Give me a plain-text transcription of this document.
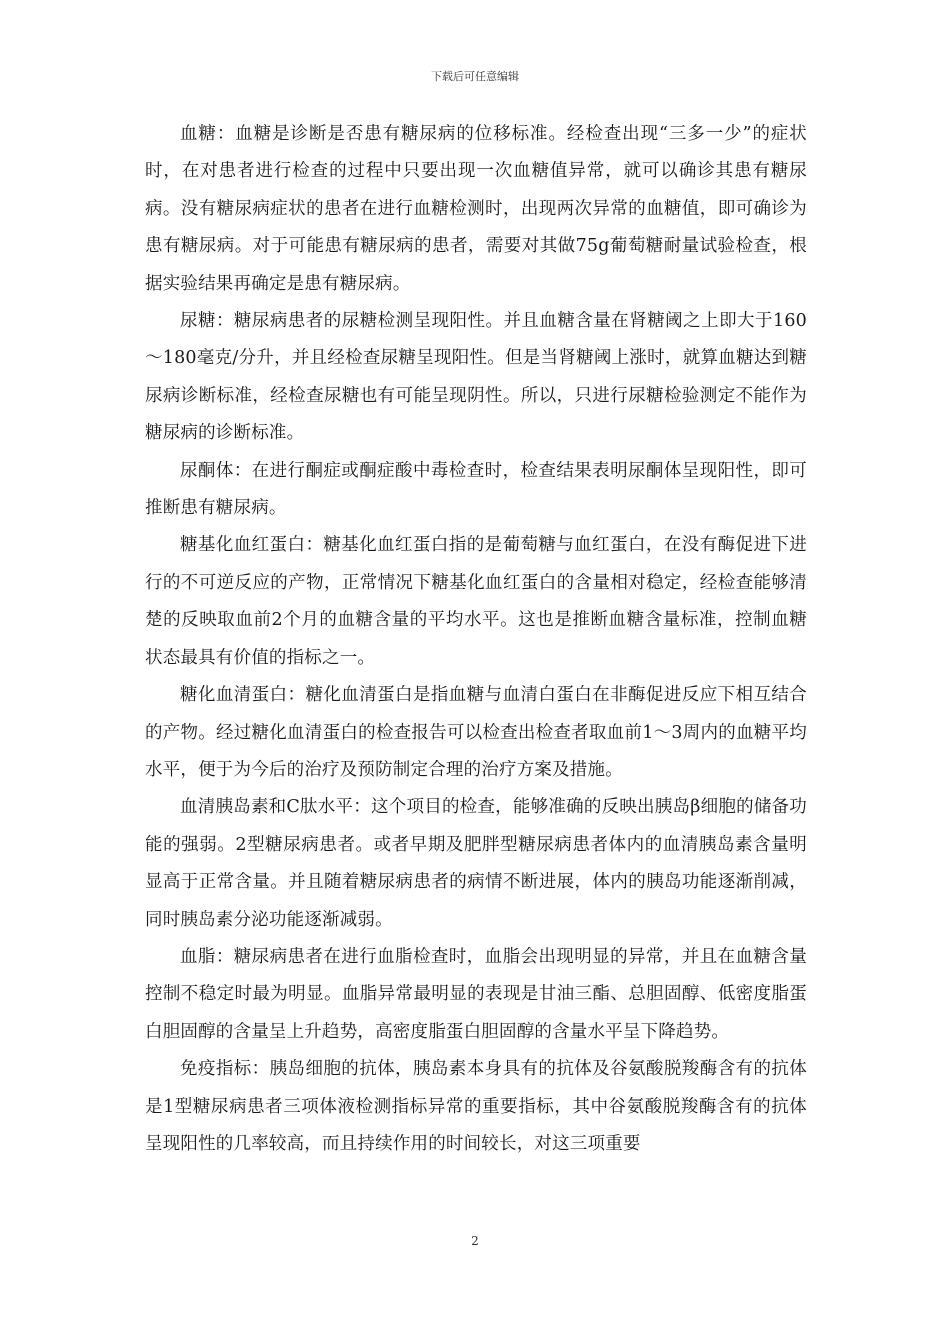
下载后可任意编辑

血糖：血糖是诊断是否患有糖尿病的位移标准。经检查出现“三多一少”的症状时，在对患者进行检查的过程中只要出现一次血糖值异常，就可以确诊其患有糖尿病。没有糖尿病症状的患者在进行血糖检测时，出现两次异常的血糖值，即可确诊为患有糖尿病。对于可能患有糖尿病的患者，需要对其做75g葡萄糖耐量试验检查，根据实验结果再确定是患有糖尿病。

尿糖：糖尿病患者的尿糖检测呈现阳性。并且血糖含量在肾糖阈之上即大于160～180毫克/分升，并且经检查尿糖呈现阳性。但是当肾糖阈上涨时，就算血糖达到糖尿病诊断标准，经检查尿糖也有可能呈现阴性。所以，只进行尿糖检验测定不能作为糖尿病的诊断标准。

尿酮体：在进行酮症或酮症酸中毒检查时，检查结果表明尿酮体呈现阳性，即可推断患有糖尿病。

糖基化血红蛋白：糖基化血红蛋白指的是葡萄糖与血红蛋白，在没有酶促进下进行的不可逆反应的产物，正常情况下糖基化血红蛋白的含量相对稳定，经检查能够清楚的反映取血前2个月的血糖含量的平均水平。这也是推断血糖含量标准，控制血糖状态最具有价值的指标之一。

糖化血清蛋白：糖化血清蛋白是指血糖与血清白蛋白在非酶促进反应下相互结合的产物。经过糖化血清蛋白的检查报告可以检查出检查者取血前1～3周内的血糖平均水平，便于为今后的治疗及预防制定合理的治疗方案及措施。

血清胰岛素和C肽水平：这个项目的检查，能够准确的反映出胰岛β细胞的储备功能的强弱。2型糖尿病患者。或者早期及肥胖型糖尿病患者体内的血清胰岛素含量明显高于正常含量。并且随着糖尿病患者的病情不断进展，体内的胰岛功能逐渐削减，同时胰岛素分泌功能逐渐减弱。

血脂：糖尿病患者在进行血脂检查时，血脂会出现明显的异常，并且在血糖含量控制不稳定时最为明显。血脂异常最明显的表现是甘油三酯、总胆固醇、低密度脂蛋白胆固醇的含量呈上升趋势，高密度脂蛋白胆固醇的含量水平呈下降趋势。

免疫指标：胰岛细胞的抗体，胰岛素本身具有的抗体及谷氨酸脱羧酶含有的抗体是1型糖尿病患者三项体液检测指标异常的重要指标，其中谷氨酸脱羧酶含有的抗体呈现阳性的几率较高，而且持续作用的时间较长，对这三项重要

2
